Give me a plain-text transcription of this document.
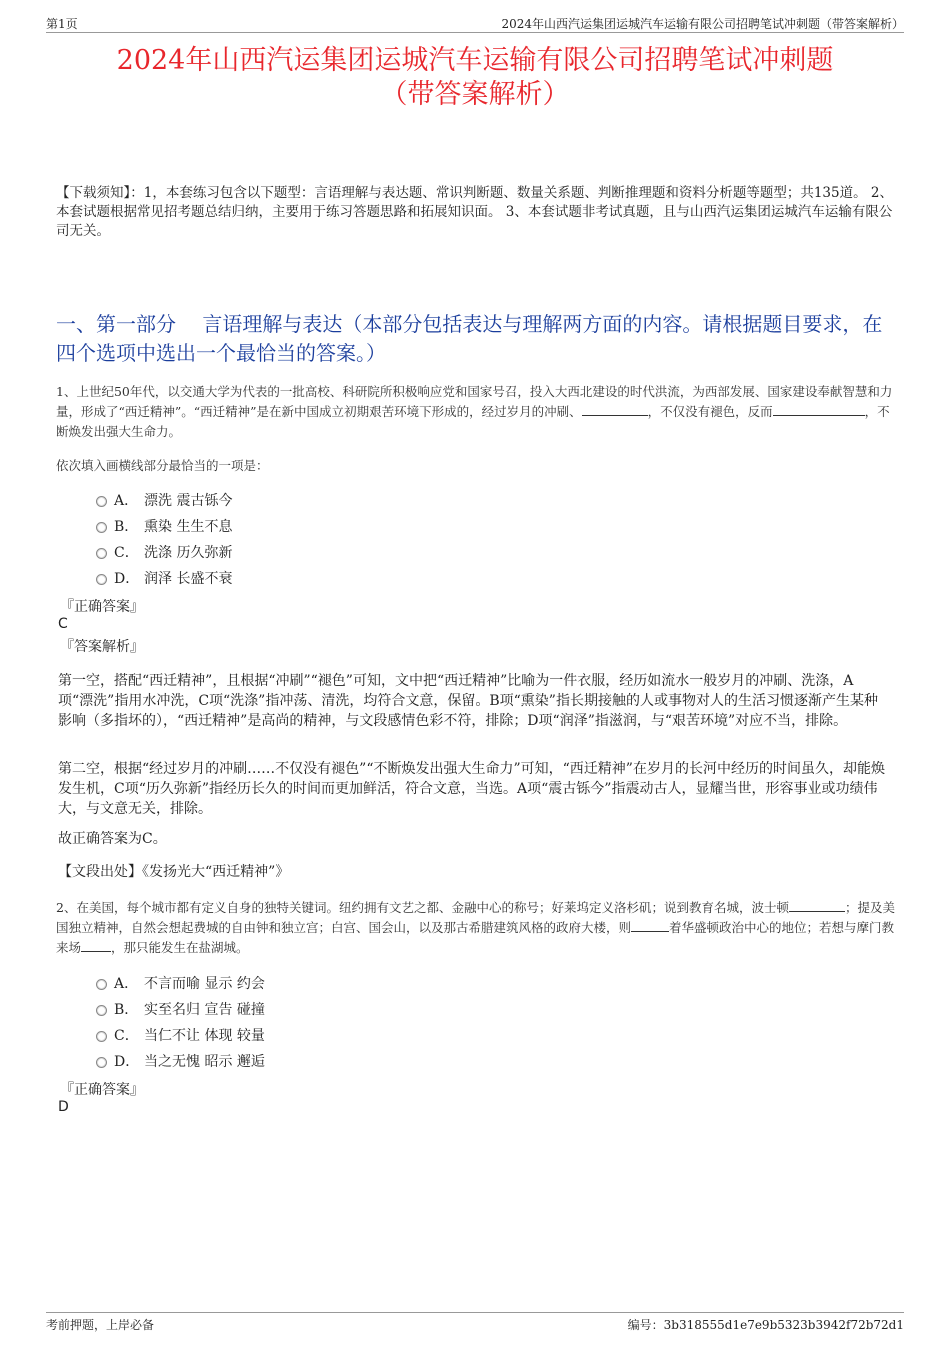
第1页	2024年山西汽运集团运城汽车运输有限公司招聘笔试冲刺题（带答案解析）
2024年山西汽运集团运城汽车运输有限公司招聘笔试冲刺题
（带答案解析）
【下载须知】：1，本套练习包含以下题型：言语理解与表达题、常识判断题、数量关系题、判断推理题和资料分析题等题型；共135道。 2、本套试题根据常见招考题总结归纳，主要用于练习答题思路和拓展知识面。 3、本套试题非考试真题，且与山西汽运集团运城汽车运输有限公司无关。
一、第一部分　 言语理解与表达（本部分包括表达与理解两方面的内容。请根据题目要求，在四个选项中选出一个最恰当的答案。）
1、上世纪50年代，以交通大学为代表的一批高校、科研院所积极响应党和国家号召，投入大西北建设的时代洪流，为西部发展、国家建设奉献智慧和力量，形成了“西迁精神”。“西迁精神”是在新中国成立初期艰苦环境下形成的，经过岁月的冲刷、	，不仅没有褪色，反而	，不断焕发出强大生命力。
依次填入画横线部分最恰当的一项是：
A． 漂洗 震古铄今
B． 熏染 生生不息
C． 洗涤 历久弥新
D． 润泽 长盛不衰
『正确答案』
C
『答案解析』
第一空，搭配“西迁精神”，且根据“冲刷”“褪色”可知，文中把“西迁精神”比喻为一件衣服，经历如流水一般岁月的冲刷、洗涤，A项“漂洗”指用水冲洗，C项“洗涤”指冲荡、清洗，均符合文意，保留。B项“熏染”指长期接触的人或事物对人的生活习惯逐渐产生某种影响（多指坏的），“西迁精神”是高尚的精神，与文段感情色彩不符，排除；D项“润泽”指滋润，与“艰苦环境”对应不当，排除。
第二空，根据“经过岁月的冲刷……不仅没有褪色”“不断焕发出强大生命力”可知，“西迁精神”在岁月的长河中经历的时间虽久，却能焕发生机，C项“历久弥新”指经历长久的时间而更加鲜活，符合文意，当选。A项“震古铄今”指震动古人，显耀当世，形容事业或功绩伟大，与文意无关，排除。
故正确答案为C。
【文段出处】《发扬光大“西迁精神”》
2、在美国，每个城市都有定义自身的独特关键词。纽约拥有文艺之都、金融中心的称号；好莱坞定义洛杉矶；说到教育名城，波士顿	；提及美国独立精神，自然会想起费城的自由钟和独立宫；白宫、国会山，以及那古希腊建筑风格的政府大楼，则	着华盛顿政治中心的地位；若想与摩门教来场 ，那只能发生在盐湖城。
A． 不言而喻 显示 约会
B． 实至名归 宣告 碰撞
C． 当仁不让 体现 较量
D． 当之无愧 昭示 邂逅
『正确答案』
D
考前押题，上岸必备	编号：3b318555d1e7e9b5323b3942f72b72d1
